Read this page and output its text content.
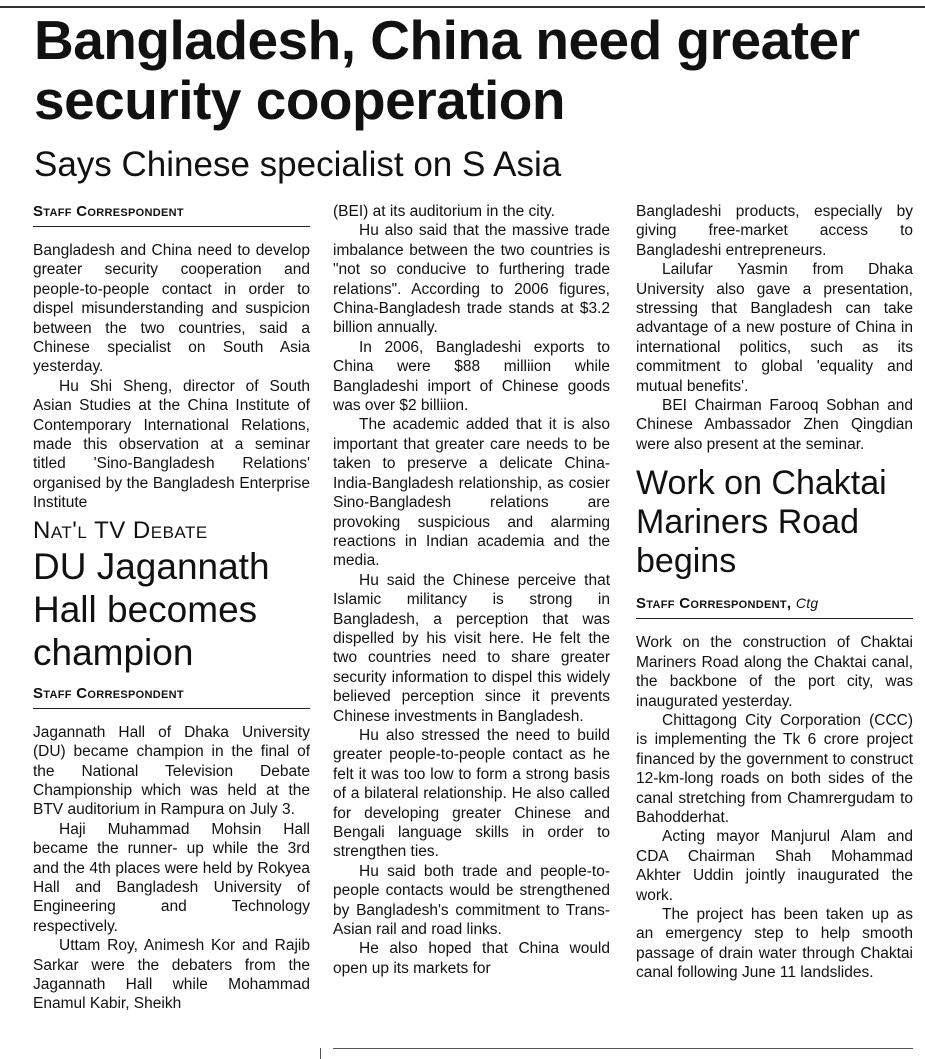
Bangladesh, China need greater security cooperation
Says Chinese specialist on S Asia
Staff Correspondent

Bangladesh and China need to develop greater security cooperation and people-to-people contact in order to dispel misunderstanding and suspicion between the two countries, said a Chinese specialist on South Asia yesterday.

Hu Shi Sheng, director of South Asian Studies at the China Institute of Contemporary International Relations, made this observation at a seminar titled 'Sino-Bangladesh Relations' organised by the Bangladesh Enterprise Institute

Nat'l TV Debate
DU Jagannath Hall becomes champion
Staff Correspondent

Jagannath Hall of Dhaka University (DU) became champion in the final of the National Television Debate Championship which was held at the BTV auditorium in Rampura on July 3.

Haji Muhammad Mohsin Hall became the runner- up while the 3rd and the 4th places were held by Rokyea Hall and Bangladesh University of Engineering and Technology respectively.

Uttam Roy, Animesh Kor and Rajib Sarkar were the debaters from the Jagannath Hall while Mohammad Enamul Kabir, Sheikh

(BEI) at its auditorium in the city.

Hu also said that the massive trade imbalance between the two countries is "not so conducive to furthering trade relations". According to 2006 figures, China-Bangladesh trade stands at $3.2 billion annually.

In 2006, Bangladeshi exports to China were $88 milliion while Bangladeshi import of Chinese goods was over $2 billiion.

The academic added that it is also important that greater care needs to be taken to preserve a delicate China-India-Bangladesh relationship, as cosier Sino-Bangladesh relations are provoking suspicious and alarming reactions in Indian academia and the media.

Hu said the Chinese perceive that Islamic militancy is strong in Bangladesh, a perception that was dispelled by his visit here. He felt the two countries need to share greater security information to dispel this widely believed perception since it prevents Chinese investments in Bangladesh.

Hu also stressed the need to build greater people-to-people contact as he felt it was too low to form a strong basis of a bilateral relationship. He also called for developing greater Chinese and Bengali language skills in order to strengthen ties.

Hu said both trade and people-to-people contacts would be strengthened by Bangladesh's commitment to Trans-Asian rail and road links.

He also hoped that China would open up its markets for

Bangladeshi products, especially by giving free-market access to Bangladeshi entrepreneurs.

Lailufar Yasmin from Dhaka University also gave a presentation, stressing that Bangladesh can take advantage of a new posture of China in international politics, such as its commitment to global 'equality and mutual benefits'.

BEI Chairman Farooq Sobhan and Chinese Ambassador Zhen Qingdian were also present at the seminar.

Work on Chaktai Mariners Road begins
Staff Correspondent, Ctg

Work on the construction of Chaktai Mariners Road along the Chaktai canal, the backbone of the port city, was inaugurated yesterday.

Chittagong City Corporation (CCC) is implementing the Tk 6 crore project financed by the government to construct 12-km-long roads on both sides of the canal stretching from Chamrergudam to Bahodderhat.

Acting mayor Manjurul Alam and CDA Chairman Shah Mohammad Akhter Uddin jointly inaugurated the work.

The project has been taken up as an emergency step to help smooth passage of drain water through Chaktai canal following June 11 landslides.
